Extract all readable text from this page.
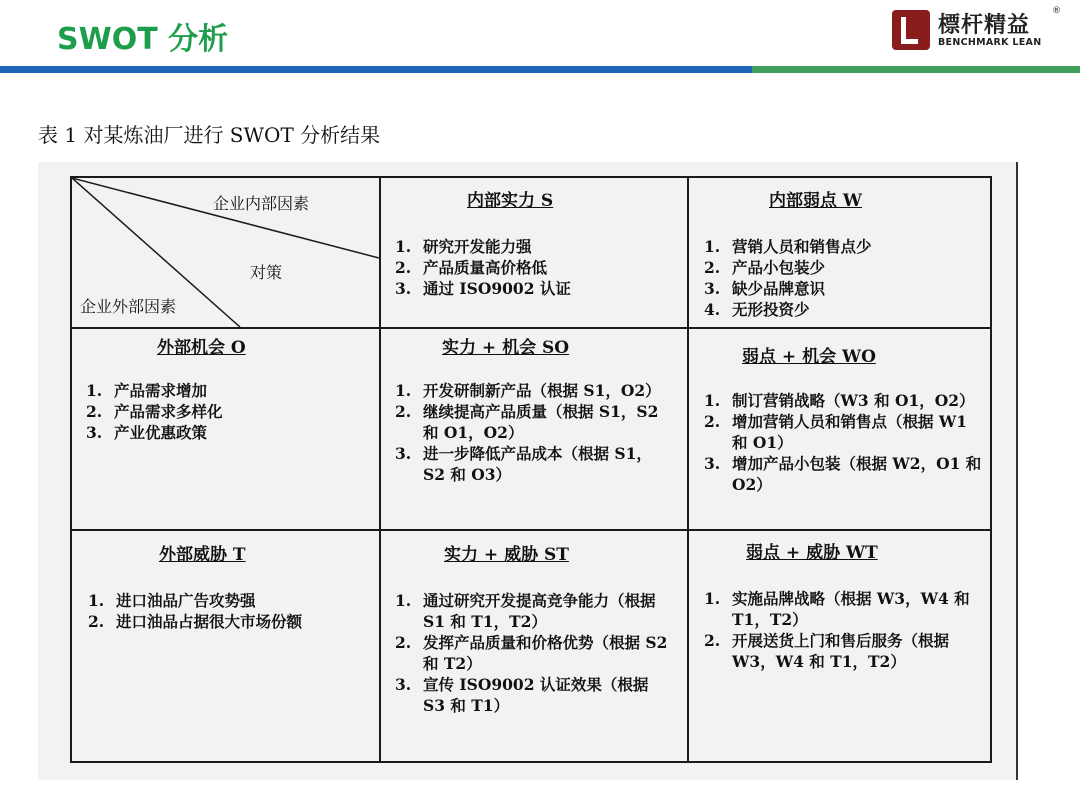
SWOT 分析	標杆精益
BENCHMARK LEAN
®
表 1 对某炼油厂进行 SWOT 分析结果
企业内部因素
对策
企业外部因素
内部实力 S
1. 研究开发能力强
2. 产品质量高价格低
3. 通过 ISO9002 认证
内部弱点 W
1. 营销人员和销售点少
2. 产品小包装少
3. 缺少品牌意识
4. 无形投资少
外部机会 O
1. 产品需求增加
2. 产品需求多样化
3. 产业优惠政策
实力 + 机会 SO
1. 开发研制新产品（根据 S1，O2）
2. 继续提高产品质量（根据 S1，S2 和 O1，O2）
3. 进一步降低产品成本（根据 S1，S2 和 O3）
弱点 + 机会 WO
1. 制订营销战略（W3 和 O1，O2）
2. 增加营销人员和销售点（根据 W1 和 O1）
3. 增加产品小包装（根据 W2，O1 和 O2）
外部威胁 T
1. 进口油品广告攻势强
2. 进口油品占据很大市场份额
实力 + 威胁 ST
1. 通过研究开发提高竞争能力（根据 S1 和 T1，T2）
2. 发挥产品质量和价格优势（根据 S2 和 T2）
3. 宣传 ISO9002 认证效果（根据 S3 和 T1）
弱点 + 威胁 WT
1. 实施品牌战略（根据 W3，W4 和 T1，T2）
2. 开展送货上门和售后服务（根据 W3，W4 和 T1，T2）
